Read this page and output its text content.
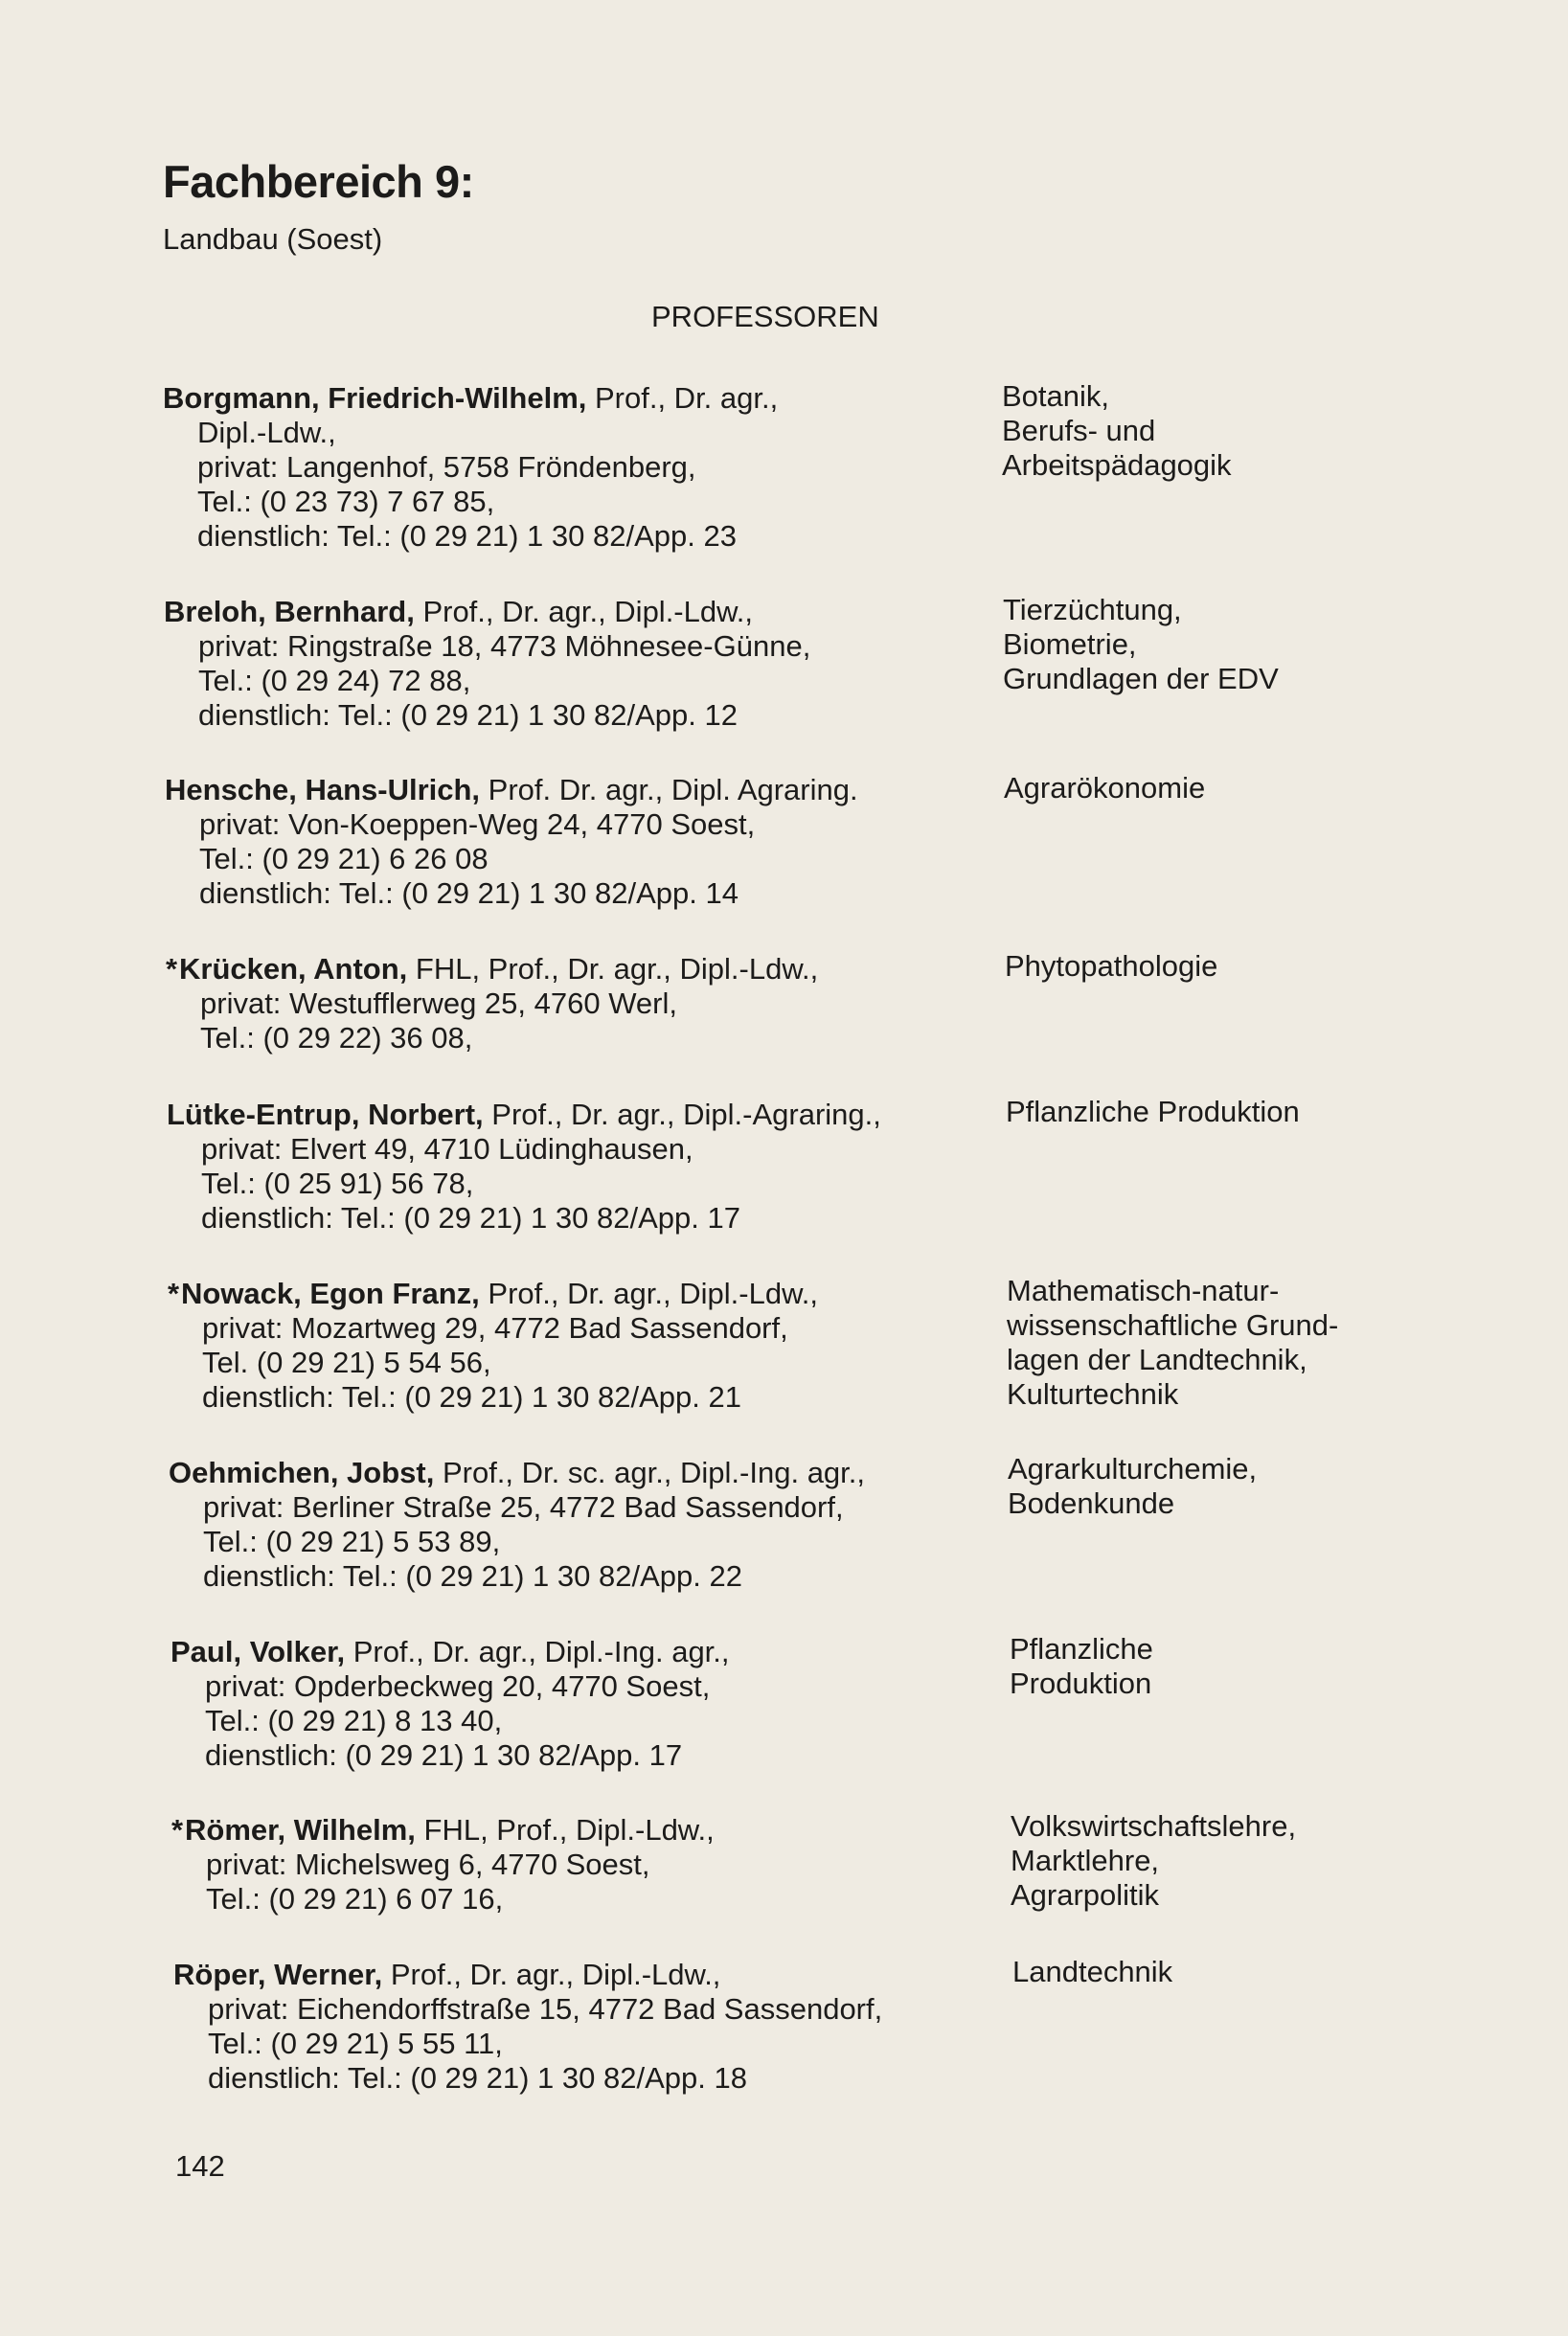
Fachbereich 9:
Landbau (Soest)
PROFESSOREN
Borgmann, Friedrich-Wilhelm, Prof., Dr. agr.,
Dipl.-Ldw.,
privat: Langenhof, 5758 Fröndenberg,
Tel.: (0 23 73) 7 67 85,
dienstlich: Tel.: (0 29 21) 1 30 82/App. 23
Botanik,
Berufs- und
Arbeitspädagogik
Breloh, Bernhard, Prof., Dr. agr., Dipl.-Ldw.,
privat: Ringstraße 18, 4773 Möhnesee-Günne,
Tel.: (0 29 24) 72 88,
dienstlich: Tel.: (0 29 21) 1 30 82/App. 12
Tierzüchtung,
Biometrie,
Grundlagen der EDV
Hensche, Hans-Ulrich, Prof. Dr. agr., Dipl. Agraring.
privat: Von-Koeppen-Weg 24, 4770 Soest,
Tel.: (0 29 21) 6 26 08
dienstlich: Tel.: (0 29 21) 1 30 82/App. 14
Agrarökonomie
*Krücken, Anton, FHL, Prof., Dr. agr., Dipl.-Ldw.,
privat: Westufflerweg 25, 4760 Werl,
Tel.: (0 29 22) 36 08,
Phytopathologie
Lütke-Entrup, Norbert, Prof., Dr. agr., Dipl.-Agraring.,
privat: Elvert 49, 4710 Lüdinghausen,
Tel.: (0 25 91) 56 78,
dienstlich: Tel.: (0 29 21) 1 30 82/App. 17
Pflanzliche Produktion
*Nowack, Egon Franz, Prof., Dr. agr., Dipl.-Ldw.,
privat: Mozartweg 29, 4772 Bad Sassendorf,
Tel. (0 29 21) 5 54 56,
dienstlich: Tel.: (0 29 21) 1 30 82/App. 21
Mathematisch-natur-
wissenschaftliche Grund-
lagen der Landtechnik,
Kulturtechnik
Oehmichen, Jobst, Prof., Dr. sc. agr., Dipl.-Ing. agr.,
privat: Berliner Straße 25, 4772 Bad Sassendorf,
Tel.: (0 29 21) 5 53 89,
dienstlich: Tel.: (0 29 21) 1 30 82/App. 22
Agrarkulturchemie,
Bodenkunde
Paul, Volker, Prof., Dr. agr., Dipl.-Ing. agr.,
privat: Opderbeckweg 20, 4770 Soest,
Tel.: (0 29 21) 8 13 40,
dienstlich: (0 29 21) 1 30 82/App. 17
Pflanzliche
Produktion
*Römer, Wilhelm, FHL, Prof., Dipl.-Ldw.,
privat: Michelsweg 6, 4770 Soest,
Tel.: (0 29 21) 6 07 16,
Volkswirtschaftslehre,
Marktlehre,
Agrarpolitik
Röper, Werner, Prof., Dr. agr., Dipl.-Ldw.,
privat: Eichendorffstraße 15, 4772 Bad Sassendorf,
Tel.: (0 29 21) 5 55 11,
dienstlich: Tel.: (0 29 21) 1 30 82/App. 18
Landtechnik
142
